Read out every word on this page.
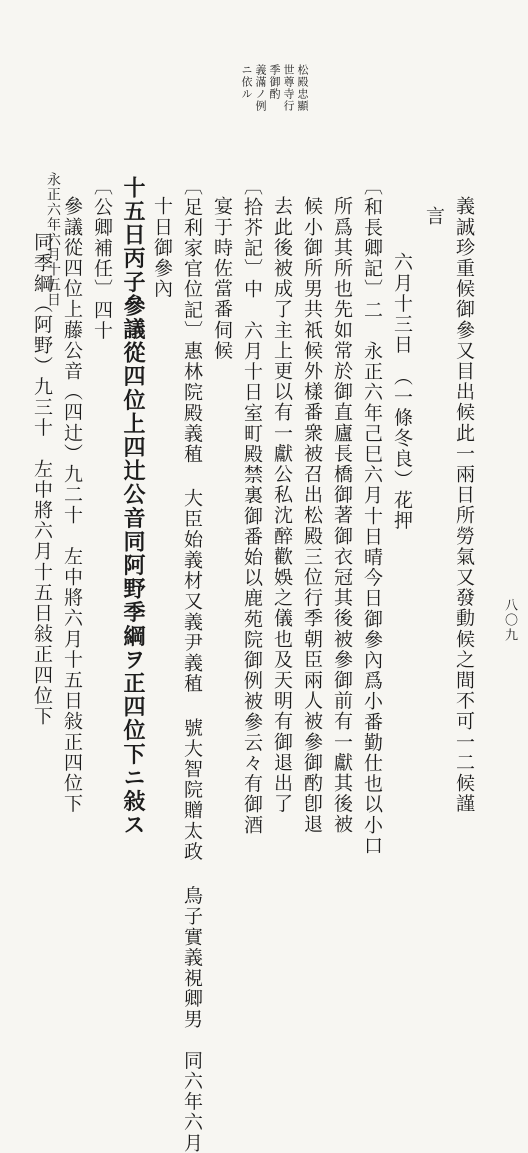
八〇九
永正六年六月十五日
松殿忠顯
世尊寺行
季御酌
義滿ノ例
ニ依ル
義誠珍重候御參又目出候此一兩日所勞氣又發動候之間不可一二候謹
言
六月十三日　（一條冬良）花押
〔和長卿記〕二　永正六年己巳六月十日晴今日御參內爲小番勤仕也以小口
所爲其所也先如常於御直廬長橋御著御衣冠其後被參御前有一獻其後被
候小御所男共祇候外樣番衆被召出松殿三位行季朝臣兩人被參御酌卽退
去此後被成了主上更以有一獻公私沈醉歡娛之儀也及天明有御退出了
〔拾芥記〕中　六月十日室町殿禁裏御番始以鹿苑院御例被參云々有御酒
宴于時佐當番伺候
〔足利家官位記〕惠林院殿義稙 大臣始義材又義尹義稙 號大智院贈太政 鳥子實義視卿男　同六年六月
十日御參內
十五日丙子參議從四位上四辻公音同阿野季綱ヲ正四位下ニ敍ス
〔公卿補任〕四十
參議從四位上藤公音（四辻）九二十　左中將六月十五日敍正四位下
同季綱（阿野）九三十　左中將六月十五日敍正四位下
